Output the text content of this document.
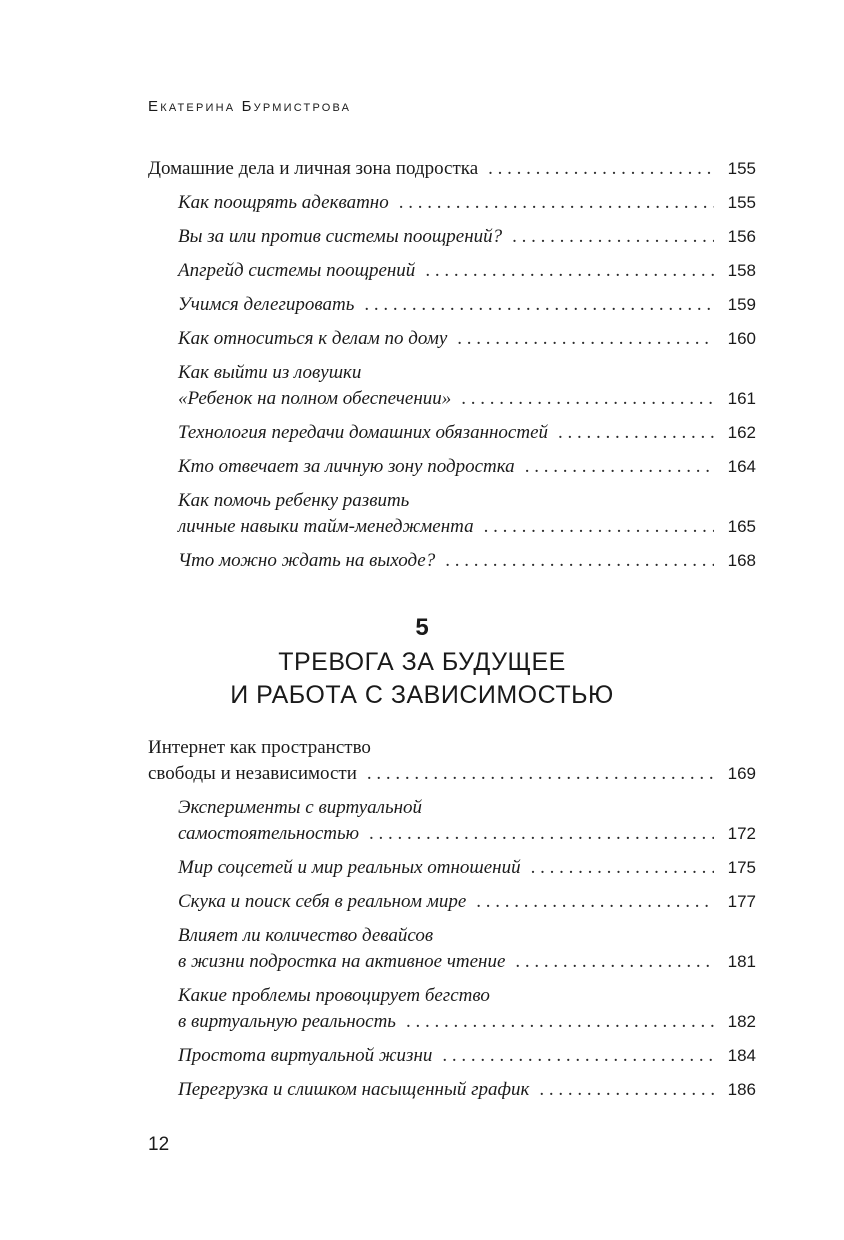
Екатерина Бурмистрова
Домашние дела и личная зона подростка . . .	155
Как поощрять адекватно . . .	155
Вы за или против системы поощрений? . . .	156
Апгрейд системы поощрений . . .	158
Учимся делегировать . . .	159
Как относиться к делам по дому . . .	160
Как выйти из ловушки
«Ребенок на полном обеспечении» . . .	161
Технология передачи домашних обязанностей . . .	162
Кто отвечает за личную зону подростка . . .	164
Как помочь ребенку развить
личные навыки тайм-менеджмента . . .	165
Что можно ждать на выходе? . . .	168
5
ТРЕВОГА ЗА БУДУЩЕЕ
И РАБОТА С ЗАВИСИМОСТЬЮ
Интернет как пространство
свободы и независимости . . .	169
Эксперименты с виртуальной
самостоятельностью . . .	172
Мир соцсетей и мир реальных отношений . . .	175
Скука и поиск себя в реальном мире . . .	177
Влияет ли количество девайсов
в жизни подростка на активное чтение . . .	181
Какие проблемы провоцирует бегство
в виртуальную реальность . . .	182
Простота виртуальной жизни . . .	184
Перегрузка и слишком насыщенный график . . .	186
12
